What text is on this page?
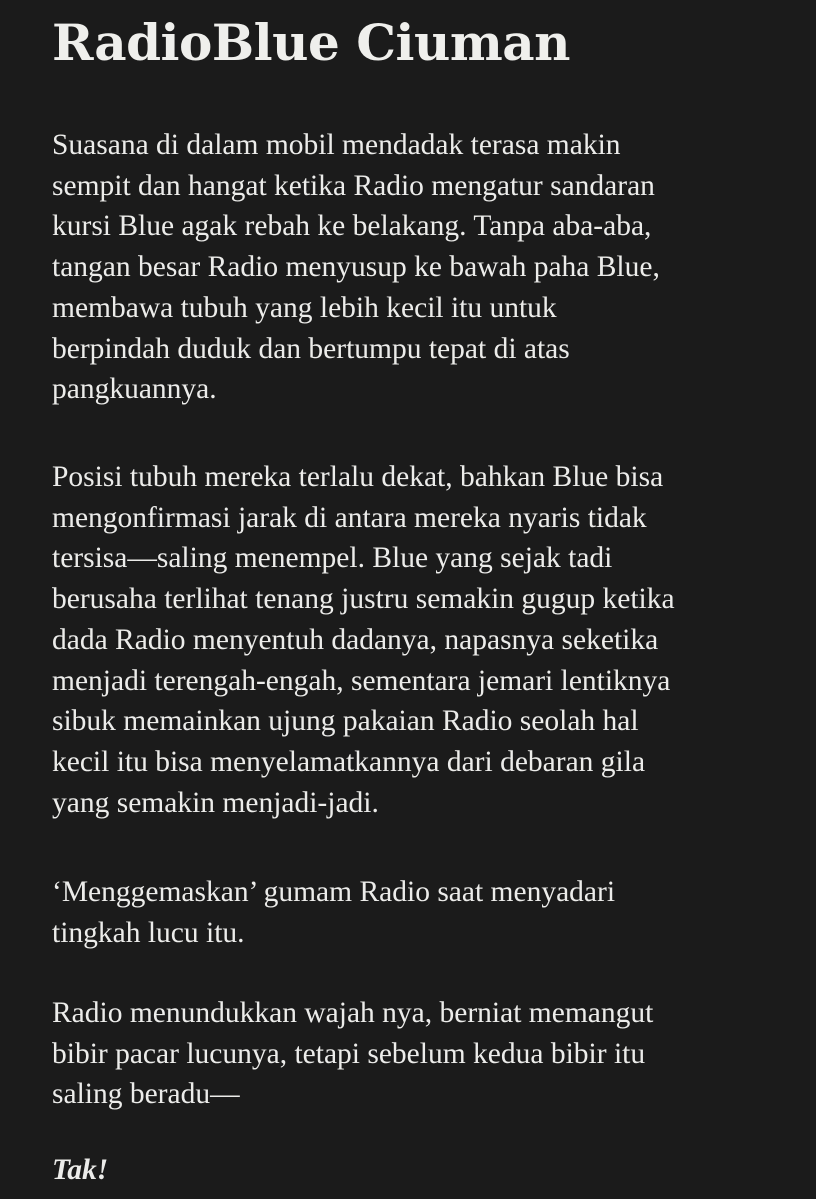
RadioBlue Ciuman

Suasana di dalam mobil mendadak terasa makin
sempit dan hangat ketika Radio mengatur sandaran
kursi Blue agak rebah ke belakang. Tanpa aba-aba,
tangan besar Radio menyusup ke bawah paha Blue,
membawa tubuh yang lebih kecil itu untuk
berpindah duduk dan bertumpu tepat di atas
pangkuannya.

Posisi tubuh mereka terlalu dekat, bahkan Blue bisa
mengonfirmasi jarak di antara mereka nyaris tidak
tersisa—saling menempel. Blue yang sejak tadi
berusaha terlihat tenang justru semakin gugup ketika
dada Radio menyentuh dadanya, napasnya seketika
menjadi terengah-engah, sementara jemari lentiknya
sibuk memainkan ujung pakaian Radio seolah hal
kecil itu bisa menyelamatkannya dari debaran gila
yang semakin menjadi-jadi.

‘Menggemaskan’ gumam Radio saat menyadari
tingkah lucu itu.

Radio menundukkan wajah nya, berniat memangut
bibir pacar lucunya, tetapi sebelum kedua bibir itu
saling beradu—

Tak!
